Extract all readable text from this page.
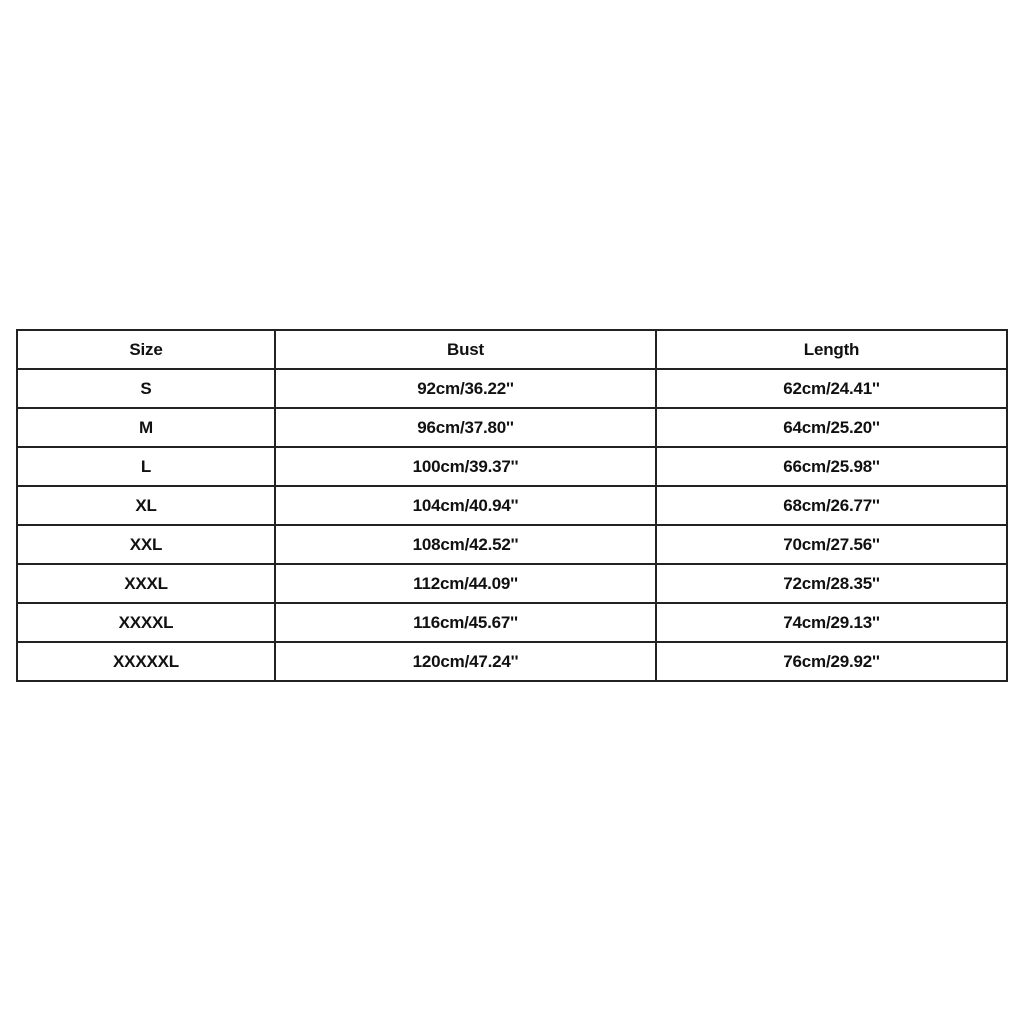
Size	Bust	Length
S	92cm/36.22''	62cm/24.41''
M	96cm/37.80''	64cm/25.20''
L	100cm/39.37''	66cm/25.98''
XL	104cm/40.94''	68cm/26.77''
XXL	108cm/42.52''	70cm/27.56''
XXXL	112cm/44.09''	72cm/28.35''
XXXXL	116cm/45.67''	74cm/29.13''
XXXXXL	120cm/47.24''	76cm/29.92''
